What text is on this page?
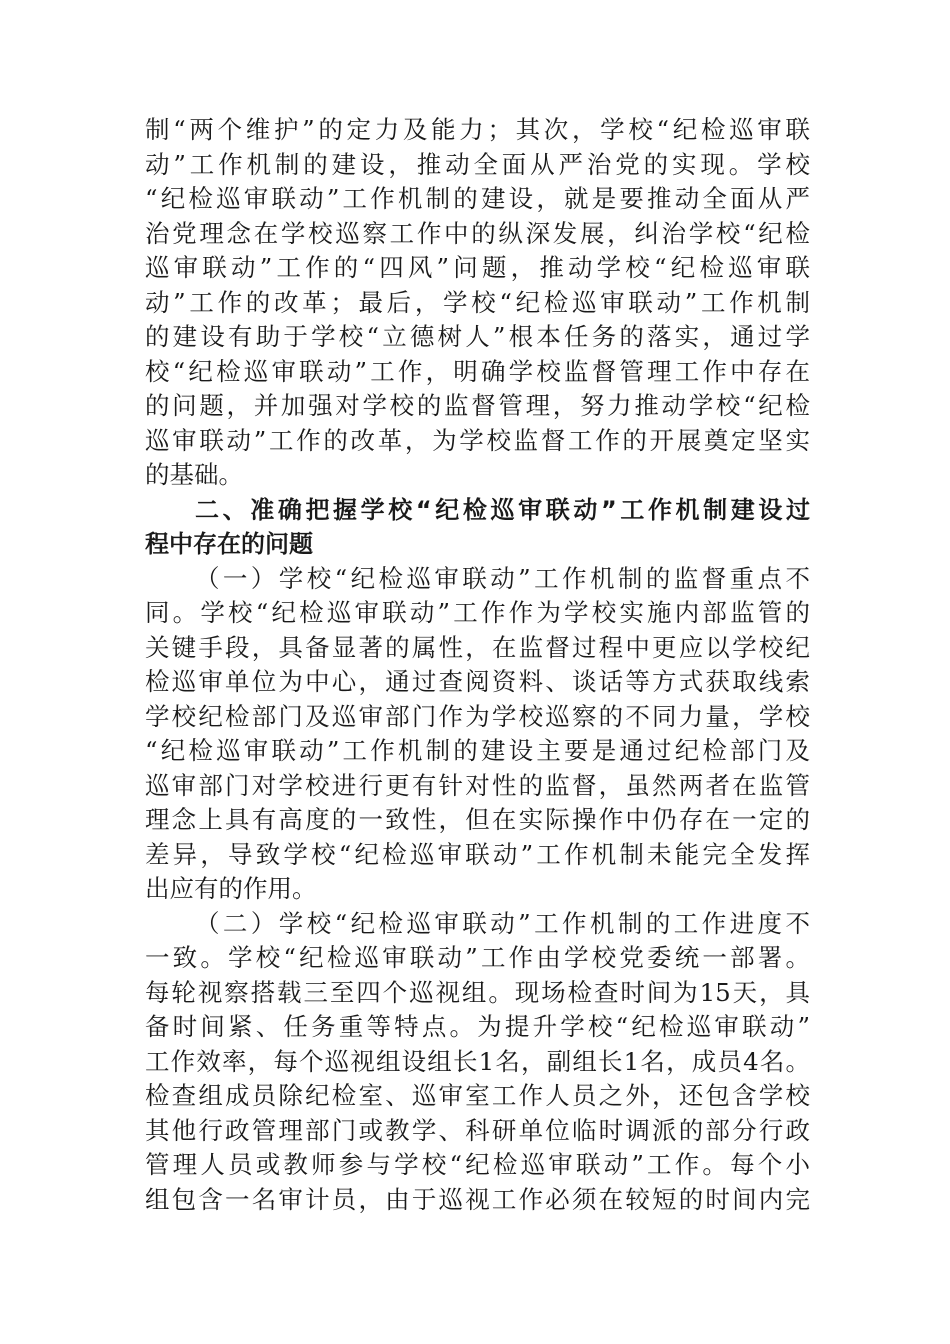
制“两个维护”的定力及能力；其次，学校“纪检巡审联
动”工作机制的建设，推动全面从严治党的实现。学校
“纪检巡审联动”工作机制的建设，就是要推动全面从严
治党理念在学校巡察工作中的纵深发展，纠治学校“纪检
巡审联动”工作的“四风”问题，推动学校“纪检巡审联
动”工作的改革；最后，学校“纪检巡审联动”工作机制
的建设有助于学校“立德树人”根本任务的落实，通过学
校“纪检巡审联动”工作，明确学校监督管理工作中存在
的问题，并加强对学校的监督管理，努力推动学校“纪检
巡审联动”工作的改革，为学校监督工作的开展奠定坚实
的基础。
二、准确把握学校“纪检巡审联动”工作机制建设过
程中存在的问题
（一）学校“纪检巡审联动”工作机制的监督重点不
同。学校“纪检巡审联动”工作作为学校实施内部监管的
关键手段，具备显著的属性，在监督过程中更应以学校纪
检巡审单位为中心，通过查阅资料、谈话等方式获取线索
学校纪检部门及巡审部门作为学校巡察的不同力量，学校
“纪检巡审联动”工作机制的建设主要是通过纪检部门及
巡审部门对学校进行更有针对性的监督，虽然两者在监管
理念上具有高度的一致性，但在实际操作中仍存在一定的
差异，导致学校“纪检巡审联动”工作机制未能完全发挥
出应有的作用。
（二）学校“纪检巡审联动”工作机制的工作进度不
一致。学校“纪检巡审联动”工作由学校党委统一部署。
每轮视察搭载三至四个巡视组。现场检查时间为15天，具
备时间紧、任务重等特点。为提升学校“纪检巡审联动”
工作效率，每个巡视组设组长1名，副组长1名，成员4名。
检查组成员除纪检室、巡审室工作人员之外，还包含学校
其他行政管理部门或教学、科研单位临时调派的部分行政
管理人员或教师参与学校“纪检巡审联动”工作。每个小
组包含一名审计员，由于巡视工作必须在较短的时间内完
